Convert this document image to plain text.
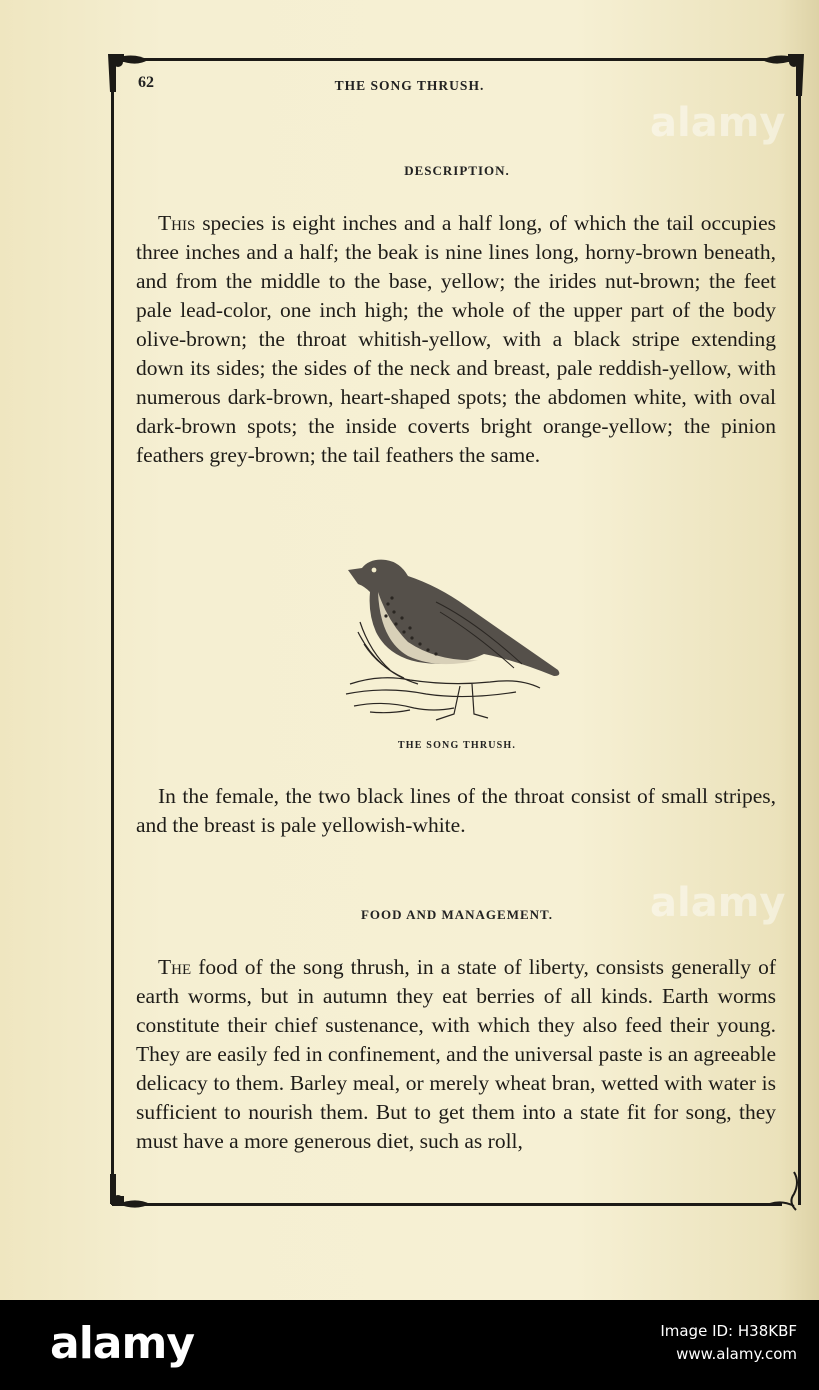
62	THE SONG THRUSH.
DESCRIPTION.
This species is eight inches and a half long, of which the tail occupies three inches and a half; the beak is nine lines long, horny-brown beneath, and from the middle to the base, yellow; the irides nut-brown; the feet pale lead-color, one inch high; the whole of the upper part of the body olive-brown; the throat whitish-yellow, with a black stripe extending down its sides; the sides of the neck and breast, pale reddish-yellow, with numerous dark-brown, heart-shaped spots; the abdomen white, with oval dark-brown spots; the inside coverts bright orange-yellow; the pinion feathers grey-brown; the tail feathers the same.
THE SONG THRUSH.
In the female, the two black lines of the throat consist of small stripes, and the breast is pale yellowish-white.
FOOD AND MANAGEMENT.
The food of the song thrush, in a state of liberty, consists generally of earth worms, but in autumn they eat berries of all kinds. Earth worms constitute their chief sustenance, with which they also feed their young. They are easily fed in confinement, and the universal paste is an agreeable delicacy to them. Barley meal, or merely wheat bran, wetted with water is sufficient to nourish them. But to get them into a state fit for song, they must have a more generous diet, such as roll,
alamy
alamy
alamy	Image ID: H38KBF
www.alamy.com
